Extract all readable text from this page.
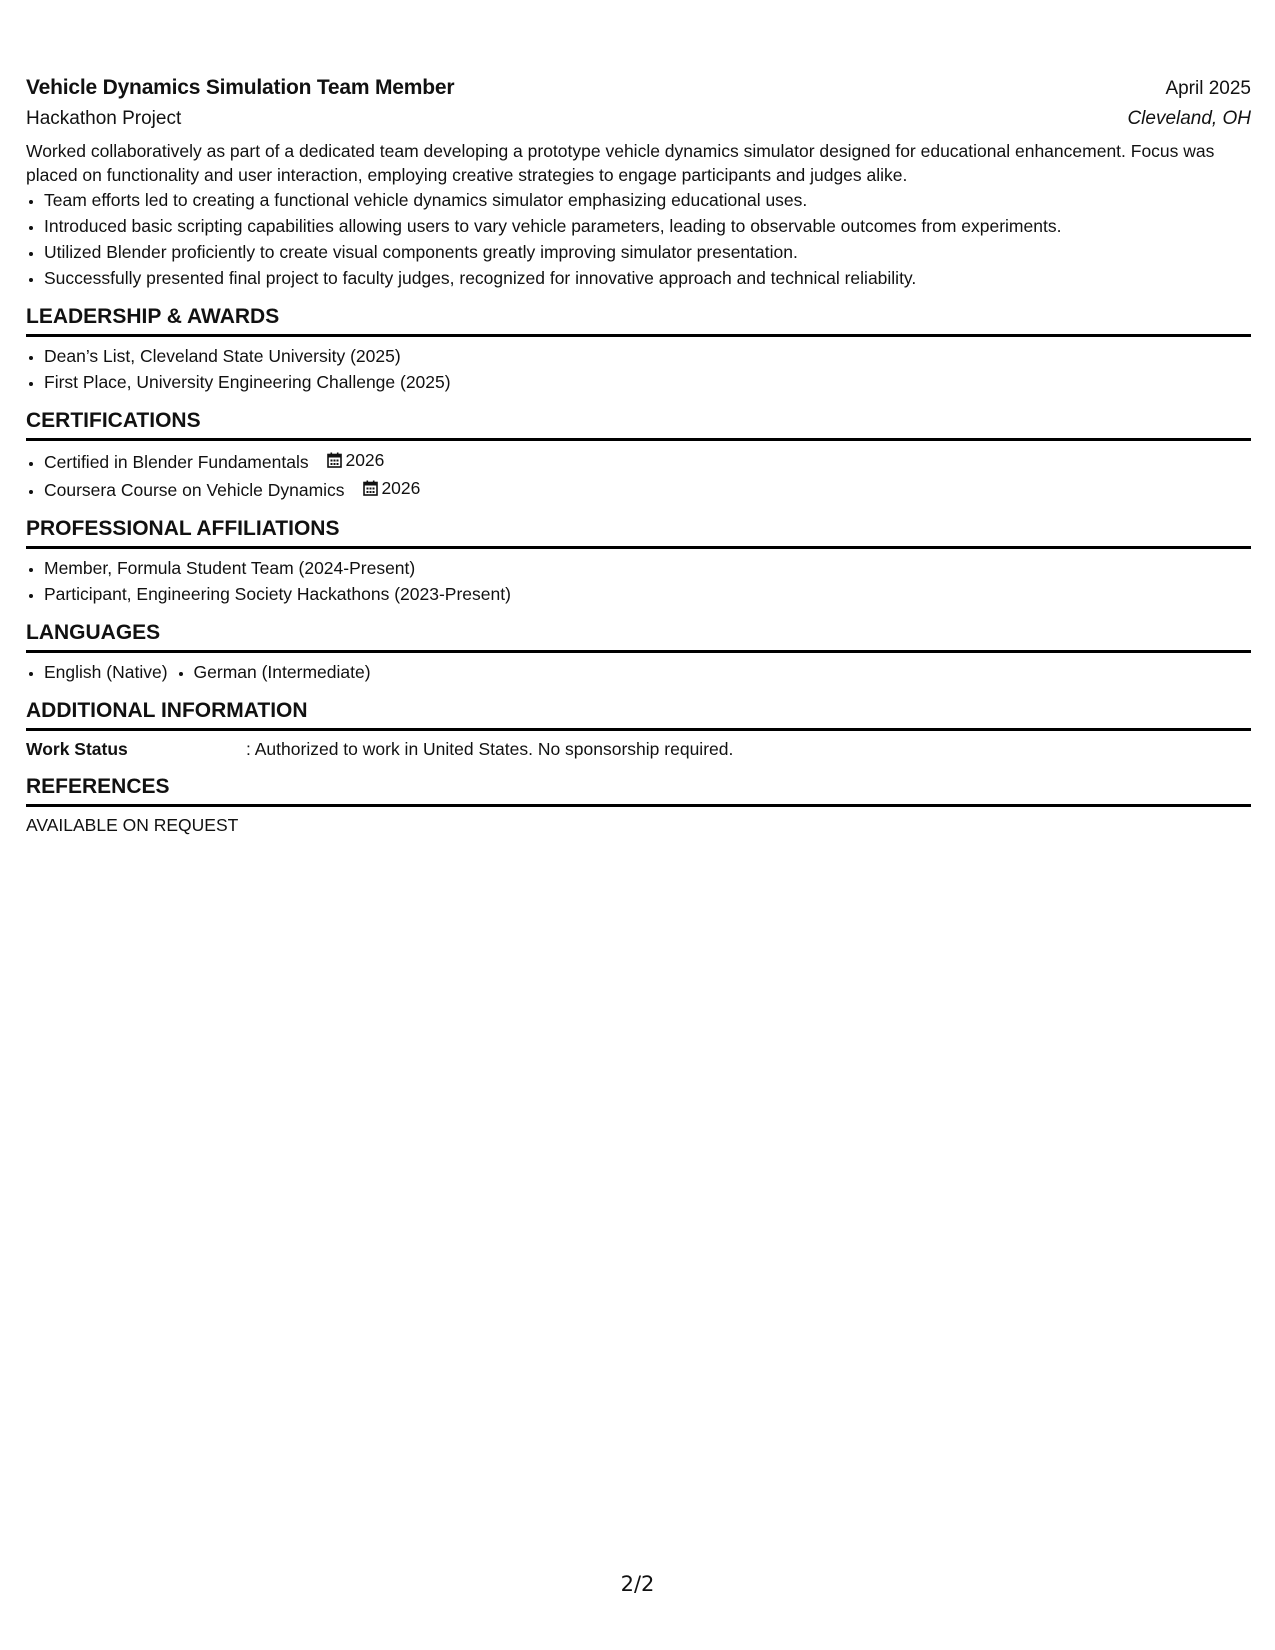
Vehicle Dynamics Simulation Team Member	April 2025
Hackathon Project	Cleveland, OH
Worked collaboratively as part of a dedicated team developing a prototype vehicle dynamics simulator designed for educational enhancement. Focus was placed on functionality and user interaction, employing creative strategies to engage participants and judges alike.
• Team efforts led to creating a functional vehicle dynamics simulator emphasizing educational uses.
• Introduced basic scripting capabilities allowing users to vary vehicle parameters, leading to observable outcomes from experiments.
• Utilized Blender proficiently to create visual components greatly improving simulator presentation.
• Successfully presented final project to faculty judges, recognized for innovative approach and technical reliability.
LEADERSHIP & AWARDS
• Dean’s List, Cleveland State University (2025)
• First Place, University Engineering Challenge (2025)
CERTIFICATIONS
• Certified in Blender Fundamentals 2026
• Coursera Course on Vehicle Dynamics 2026
PROFESSIONAL AFFILIATIONS
• Member, Formula Student Team (2024-Present)
• Participant, Engineering Society Hackathons (2023-Present)
LANGUAGES
• English (Native)
• German (Intermediate)
ADDITIONAL INFORMATION
Work Status	: Authorized to work in United States. No sponsorship required.
REFERENCES
AVAILABLE ON REQUEST
2/2
